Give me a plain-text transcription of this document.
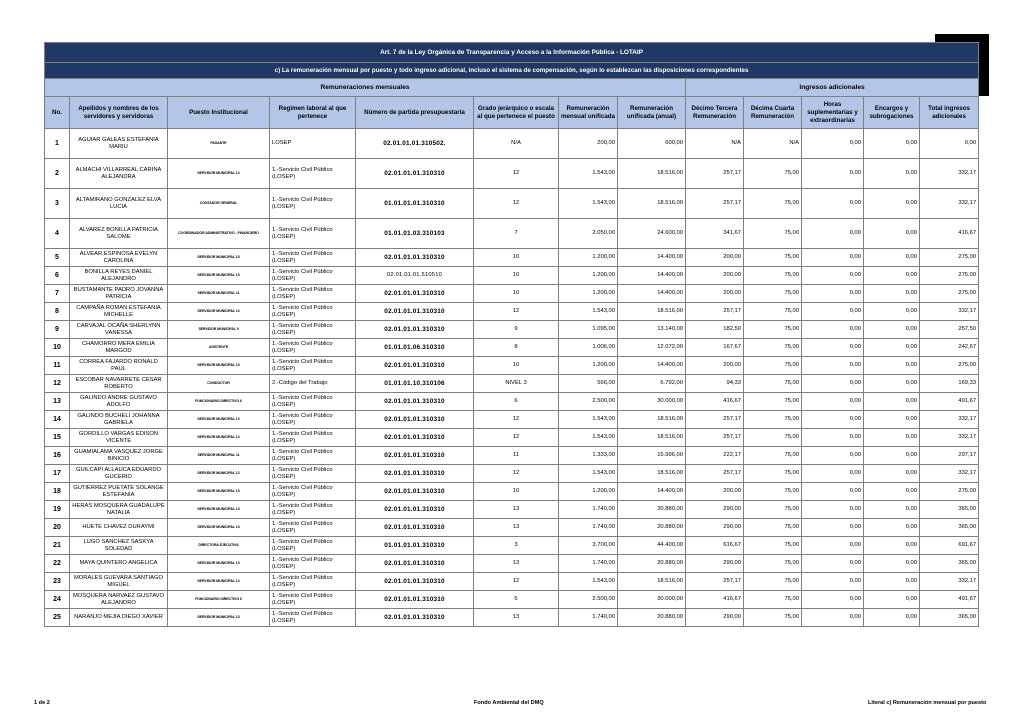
Art. 7 de la Ley Orgánica de Transparencia y Acceso a la Información Pública - LOTAIP												
c) La remuneración mensual por puesto y todo ingreso adicional, incluso el sistema de compensación, según lo establezcan las disposiciones correspondientes												
Remuneraciones mensuales								Ingresos adicionales				
No.	Apellidos y nombres de los servidores y servidoras	Puesto Institucional	Regimen laboral al que pertenece	Número de partida presupuestaria	Grado jerárquico o escala al que pertenece el puesto	Remuneración mensual unificada	Remuneración unificada (anual)	Décimo Tercera Remuneración	Décima Cuarta Remuneración	Horas suplementarias y extraordinarias	Encargos y subrogaciones	Total ingresos adicionales
1	AGUIAR GALEAS ESTEFANIA MARIU	PASANTE	LOSEP	02.01.01.01.310502.	N/A	200,00	600,00	N/A	N/A	0,00	0,00	0,00
2	ALMACHI VILLARREAL CARINA ALEJANDRA	SERVIDOR MUNICIPAL 12	1.-Servicio Civil Público (LOSEP)	02.01.01.01.310310	12	1.543,00	18.516,00	257,17	75,00	0,00	0,00	332,17
3	ALTAMIRANO GONZALEZ ELVA LUCIA	CONTADOR GENERAL	1.-Servicio Civil Público (LOSEP)	01.01.01.01.310310	12	1.543,00	18.516,00	257,17	75,00	0,00	0,00	332,17
4	ALVAREZ BONILLA PATRICIA SALOME	COORDINADOR ADMINISTRATIVO - FINANCIERO	1.-Servicio Civil Público (LOSEP)	01.01.01.03.310103	7	2.050,00	24.600,00	341,67	75,00	0,00	0,00	416,67
5	ALVEAR ESPINOSA EVELYN CAROLINA	SERVIDOR MUNICIPAL 10	1.-Servicio Civil Público (LOSEP)	02.01.01.01.310310	10	1.200,00	14.400,00	200,00	75,00	0,00	0,00	275,00
6	BONILLA REYES DANIEL ALEJANDRO	SERVIDOR MUNICIPAL 10	1.-Servicio Civil Público (LOSEP)	02.01.01.01.510510	10	1.200,00	14.400,00	200,00	75,00	0,00	0,00	275,00
7	BUSTAMANTE PADRO JOVANNA PATRICIA	SERVIDOR MUNICIPAL 11	1.-Servicio Civil Público (LOSEP)	02.01.01.01.310310	10	1.200,00	14.400,00	200,00	75,00	0,00	0,00	275,00
8	CAMPAÑA ROMAN ESTEFANIA MICHELLE	SERVIDOR MUNICIPAL 12	1.-Servicio Civil Público (LOSEP)	02.01.01.01.310310	12	1.543,00	18.516,00	257,17	75,00	0,00	0,00	332,17
9	CARVAJAL OCAÑA SHERLYNN VANESSA	SERVIDOR MUNICIPAL 9	1.-Servicio Civil Público (LOSEP)	02.01.01.01.310310	9	1.095,00	13.140,00	182,50	75,00	0,00	0,00	257,50
10	CHAMORRO MERA EMILIA MARGOD	ASISTENTE	1.-Servicio Civil Público (LOSEP)	01.01.01.06.310310	8	1.006,00	12.072,00	167,67	75,00	0,00	0,00	242,67
11	CORREA FAJARDO RONALD PAUL	SERVIDOR MUNICIPAL 10	1.-Servicio Civil Público (LOSEP)	02.01.01.01.310310	10	1.200,00	14.400,00	200,00	75,00	0,00	0,00	275,00
12	ESCOBAR NAVARRETE CESAR ROBERTO	CONDUCTOR	2.-Código del Trabajo	01.01.01.10.310106	NIVEL 3	566,00	6.792,00	94,33	75,00	0,00	0,00	169,33
13	GALINDO ANDRE GUSTAVO ADOLFO	FUNCIONARIO DIRECTIVO 6	1.-Servicio Civil Público (LOSEP)	02.01.01.01.310310	6	2.500,00	30.000,00	416,67	75,00	0,00	0,00	491,67
14	GALINDO BUCHELI JOHANNA GABRIELA	SERVIDOR MUNICIPAL 12	1.-Servicio Civil Público (LOSEP)	02.01.01.01.310310	12	1.543,00	18.516,00	257,17	75,00	0,00	0,00	332,17
15	GORDILLO VARGAS EDISON VICENTE	SERVIDOR MUNICIPAL 12	1.-Servicio Civil Público (LOSEP)	02.01.01.01.310310	12	1.543,00	18.516,00	257,17	75,00	0,00	0,00	332,17
16	GUAMIALAMA VASQUEZ JORGE BINICIO	SERVIDOR MUNICIPAL 11	1.-Servicio Civil Público (LOSEP)	02.01.01.01.310310	11	1.333,00	15.996,00	222,17	75,00	0,00	0,00	297,17
17	GUILCAPI ALLAUCA EDUARDO GUCERIO	SERVIDOR MUNICIPAL 12	1.-Servicio Civil Público (LOSEP)	02.01.01.01.310310	12	1.543,00	18.516,00	257,17	75,00	0,00	0,00	332,17
18	GUTIERREZ PUETATE SOLANGE ESTEFANIA	SERVIDOR MUNICIPAL 10	1.-Servicio Civil Público (LOSEP)	02.01.01.01.310310	10	1.200,00	14.400,00	200,00	75,00	0,00	0,00	275,00
19	HERAS MOSQUERA GUADALUPE NATALIA	SERVIDOR MUNICIPAL 13	1.-Servicio Civil Público (LOSEP)	02.01.01.01.310310	13	1.740,00	20.880,00	290,00	75,00	0,00	0,00	365,00
20	HUETE CHAVEZ DURAYMI	SERVIDOR MUNICIPAL 13	1.-Servicio Civil Público (LOSEP)	02.01.01.01.310310	13	1.740,00	20.880,00	290,00	75,00	0,00	0,00	365,00
21	LUGO SANCHEZ SASKYA SOLEDAD	DIRECTORA EJECUTIVA	1.-Servicio Civil Público (LOSEP)	01.01.01.01.310310	3	3.700,00	44.400,00	616,67	75,00	0,00	0,00	691,67
22	MAYA QUINTERO ANGELICA	SERVIDOR MUNICIPAL 13	1.-Servicio Civil Público (LOSEP)	02.01.01.01.310310	13	1.740,00	20.880,00	290,00	75,00	0,00	0,00	365,00
23	MORALES GUEVARA SANTIAGO MIGUEL	SERVIDOR MUNICIPAL 12	1.-Servicio Civil Público (LOSEP)	02.01.01.01.310310	12	1.543,00	18.516,00	257,17	75,00	0,00	0,00	332,17
24	MOSQUERA NARVAEZ GUSTAVO ALEJANDRO	FUNCIONARIO DIRECTIVO 6	1.-Servicio Civil Público (LOSEP)	02.01.01.01.310310	6	2.500,00	30.000,00	416,67	75,00	0,00	0,00	491,67
25	NARANJO MEJIA DIEGO XAVIER	SERVIDOR MUNICIPAL 13	1.-Servicio Civil Público (LOSEP)	02.01.01.01.310310	13	1.740,00	20.880,00	290,00	75,00	0,00	0,00	365,00
1 de 2	Fondo Ambiental del DMQ	Literal c) Remuneración mensual por puesto
